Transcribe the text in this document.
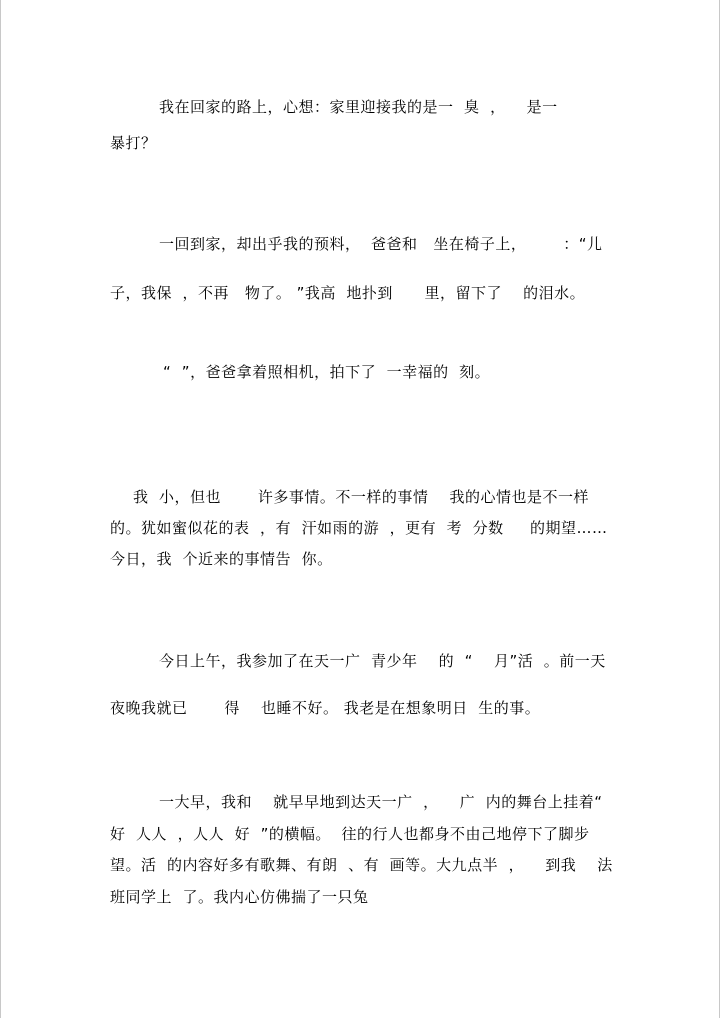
我在回家的路上，心想：家里迎接我的是一  臭  ，    是一
暴打？
一回到家，却出乎我的预料，  爸爸和   坐在椅子上，       ：“儿
子，我保  ，不再   物了。 ”我高  地扑到      里，留下了    的泪水。
“  ”，爸爸拿着照相机，拍下了  一幸福的  刻。
我  小，但也       许多事情。不一样的事情    我的心情也是不一样
的。犹如蜜似花的表  ，有  汗如雨的游  ，更有  考  分数     的期望……
今日，我  个近来的事情告  你。
今日上午，我参加了在天一广  青少年    的  “    月”活  。前一天
夜晚我就已       得    也睡不好。 我老是在想象明日  生的事。
一大早，我和    就早早地到达天一广  ，    广  内的舞台上挂着“
好  人人  ，人人  好  ”的横幅。  往的行人也都身不由己地停下了脚步
望。活  的内容好多有歌舞、有朗  、有  画等。大九点半  ，    到我    法
班同学上  了。我内心仿佛揣了一只兔
